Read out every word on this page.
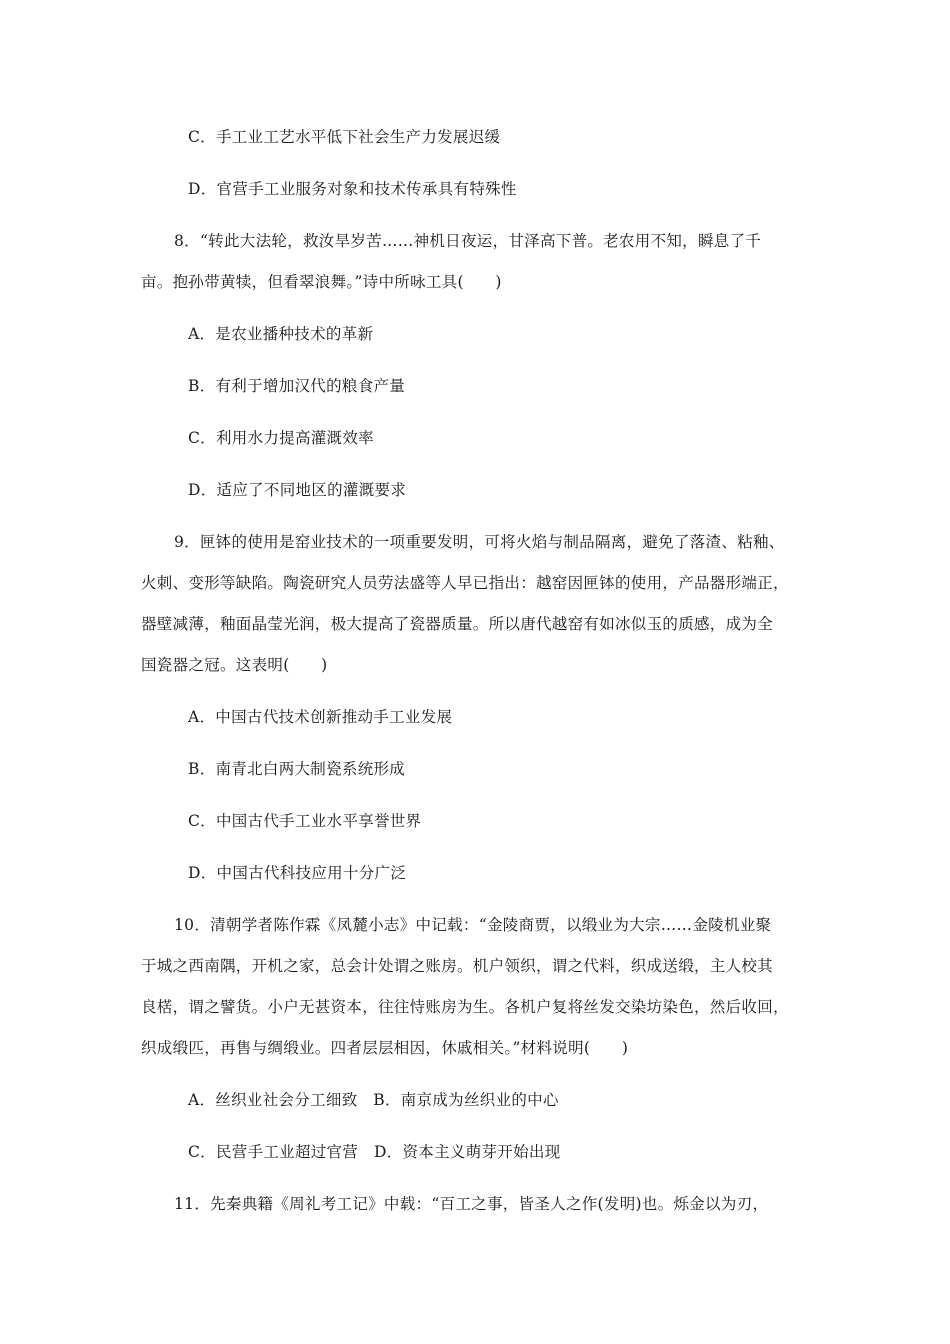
C．手工业工艺水平低下社会生产力发展迟缓
D．官营手工业服务对象和技术传承具有特殊性
8．“转此大法轮，救汝旱岁苦……神机日夜运，甘泽高下普。老农用不知，瞬息了千
亩。抱孙带黄犊，但看翠浪舞。”诗中所咏工具(　　)
A．是农业播种技术的革新
B．有利于增加汉代的粮食产量
C．利用水力提高灌溉效率
D．适应了不同地区的灌溉要求
9．匣钵的使用是窑业技术的一项重要发明，可将火焰与制品隔离，避免了落渣、粘釉、
火刺、变形等缺陷。陶瓷研究人员劳法盛等人早已指出：越窑因匣钵的使用，产品器形端正，
器壁减薄，釉面晶莹光润，极大提高了瓷器质量。所以唐代越窑有如冰似玉的质感，成为全
国瓷器之冠。这表明(　　)
A．中国古代技术创新推动手工业发展
B．南青北白两大制瓷系统形成
C．中国古代手工业水平享誉世界
D．中国古代科技应用十分广泛
10．清朝学者陈作霖《凤麓小志》中记载：“金陵商贾，以缎业为大宗……金陵机业聚
于城之西南隅，开机之家，总会计处谓之账房。机户领织，谓之代料，织成送缎，主人校其
良楛，谓之譬货。小户无甚资本，往往恃账房为生。各机户复将丝发交染坊染色，然后收回，
织成缎匹，再售与绸缎业。四者层层相因，休戚相关。”材料说明(　　)
A．丝织业社会分工细致　B．南京成为丝织业的中心
C．民营手工业超过官营　D．资本主义萌芽开始出现
11．先秦典籍《周礼考工记》中载：“百工之事，皆圣人之作(发明)也。烁金以为刃，
